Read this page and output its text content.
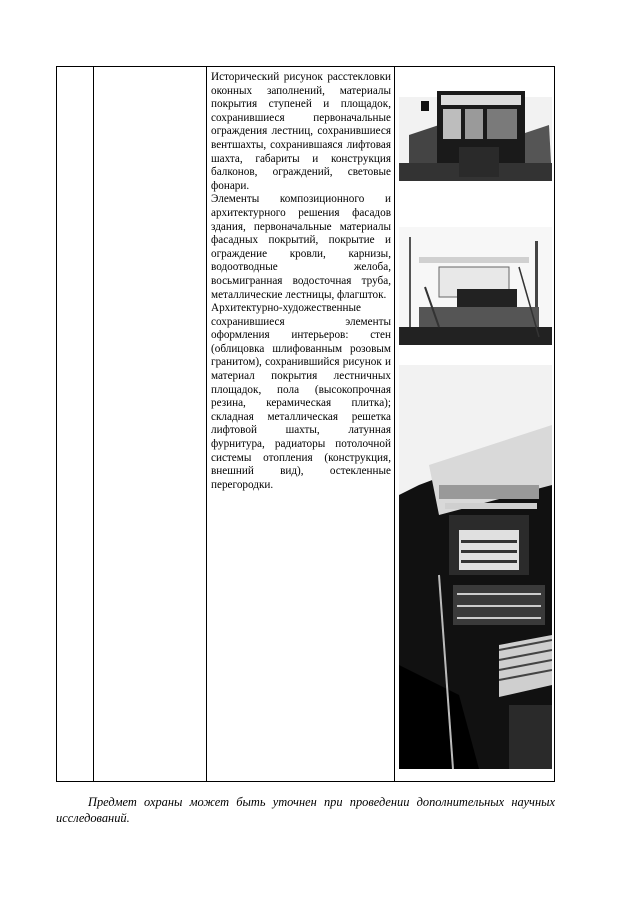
Исторический рисунок расстекловки оконных заполнений, материалы покрытия ступеней и площадок, сохранившиеся первоначальные ограждения лестниц, сохранившиеся вентшахты, сохранившаяся лифтовая шахта, габариты и конструкция балконов, ограждений, световые фонари.

Элементы композиционного и архитектурного решения фасадов здания, первоначальные материалы фасадных покрытий, покрытие и ограждение кровли, карнизы, водоотводные желоба, восьмигранная водосточная труба, металлические лестницы, флагшток.

Архитектурно-художественные сохранившиеся элементы оформления интерьеров: стен (облицовка шлифованным розовым гранитом), сохранившийся рисунок и материал покрытия лестничных площадок, пола (высокопрочная резина, керамическая плитка); складная металлическая решетка лифтовой шахты, латунная фурнитура, радиаторы потолочной системы отопления (конструкция, внешний вид), остекленные перегородки.

Предмет охраны может быть уточнен при проведении дополнительных научных исследований.
